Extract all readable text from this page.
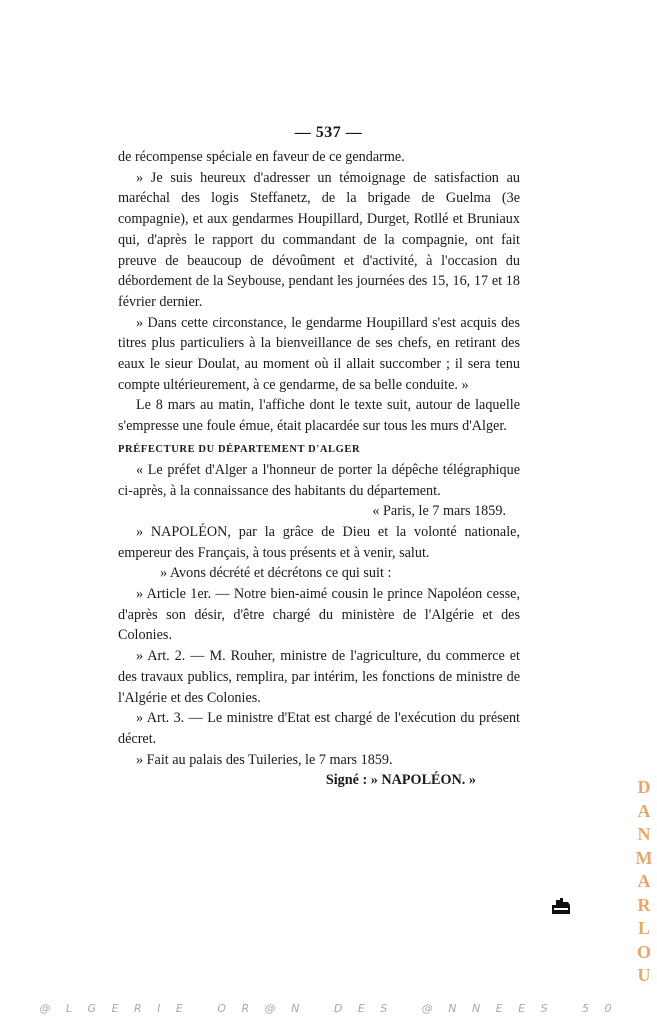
— 537 —

de récompense spéciale en faveur de ce gendarme.

» Je suis heureux d'adresser un témoignage de satisfaction au maréchal des logis Steffanetz, de la brigade de Guelma (3e compagnie), et aux gendarmes Houpillard, Durget, Rotllé et Bruniaux qui, d'après le rapport du commandant de la compagnie, ont fait preuve de beaucoup de dévoûment et d'activité, à l'occasion du débordement de la Seybouse, pendant les journées des 15, 16, 17 et 18 février dernier.

» Dans cette circonstance, le gendarme Houpillard s'est acquis des titres plus particuliers à la bienveillance de ses chefs, en retirant des eaux le sieur Doulat, au moment où il allait succomber ; il sera tenu compte ultérieurement, à ce gendarme, de sa belle conduite. »

Le 8 mars au matin, l'affiche dont le texte suit, autour de laquelle s'empresse une foule émue, était placardée sur tous les murs d'Alger.

PRÉFECTURE DU DÉPARTEMENT D'ALGER

« Le préfet d'Alger a l'honneur de porter la dépêche télégraphique ci-après, à la connaissance des habitants du département.

« Paris, le 7 mars 1859.

» NAPOLÉON, par la grâce de Dieu et la volonté nationale, empereur des Français, à tous présents et à venir, salut.

» Avons décrété et décrétons ce qui suit :

» Article 1er. — Notre bien-aimé cousin le prince Napoléon cesse, d'après son désir, d'être chargé du ministère de l'Algérie et des Colonies.

» Art. 2. — M. Rouher, ministre de l'agriculture, du commerce et des travaux publics, remplira, par intérim, les fonctions de ministre de l'Algérie et des Colonies.

» Art. 3. — Le ministre d'Etat est chargé de l'exécution du présent décret.

» Fait au palais des Tuileries, le 7 mars 1859.

Signé : » NAPOLÉON. »	D
A
N
M
A
R
L
O
U
@ L G E R I E   O R @ N   D E S   @ N N E E S   5 0
